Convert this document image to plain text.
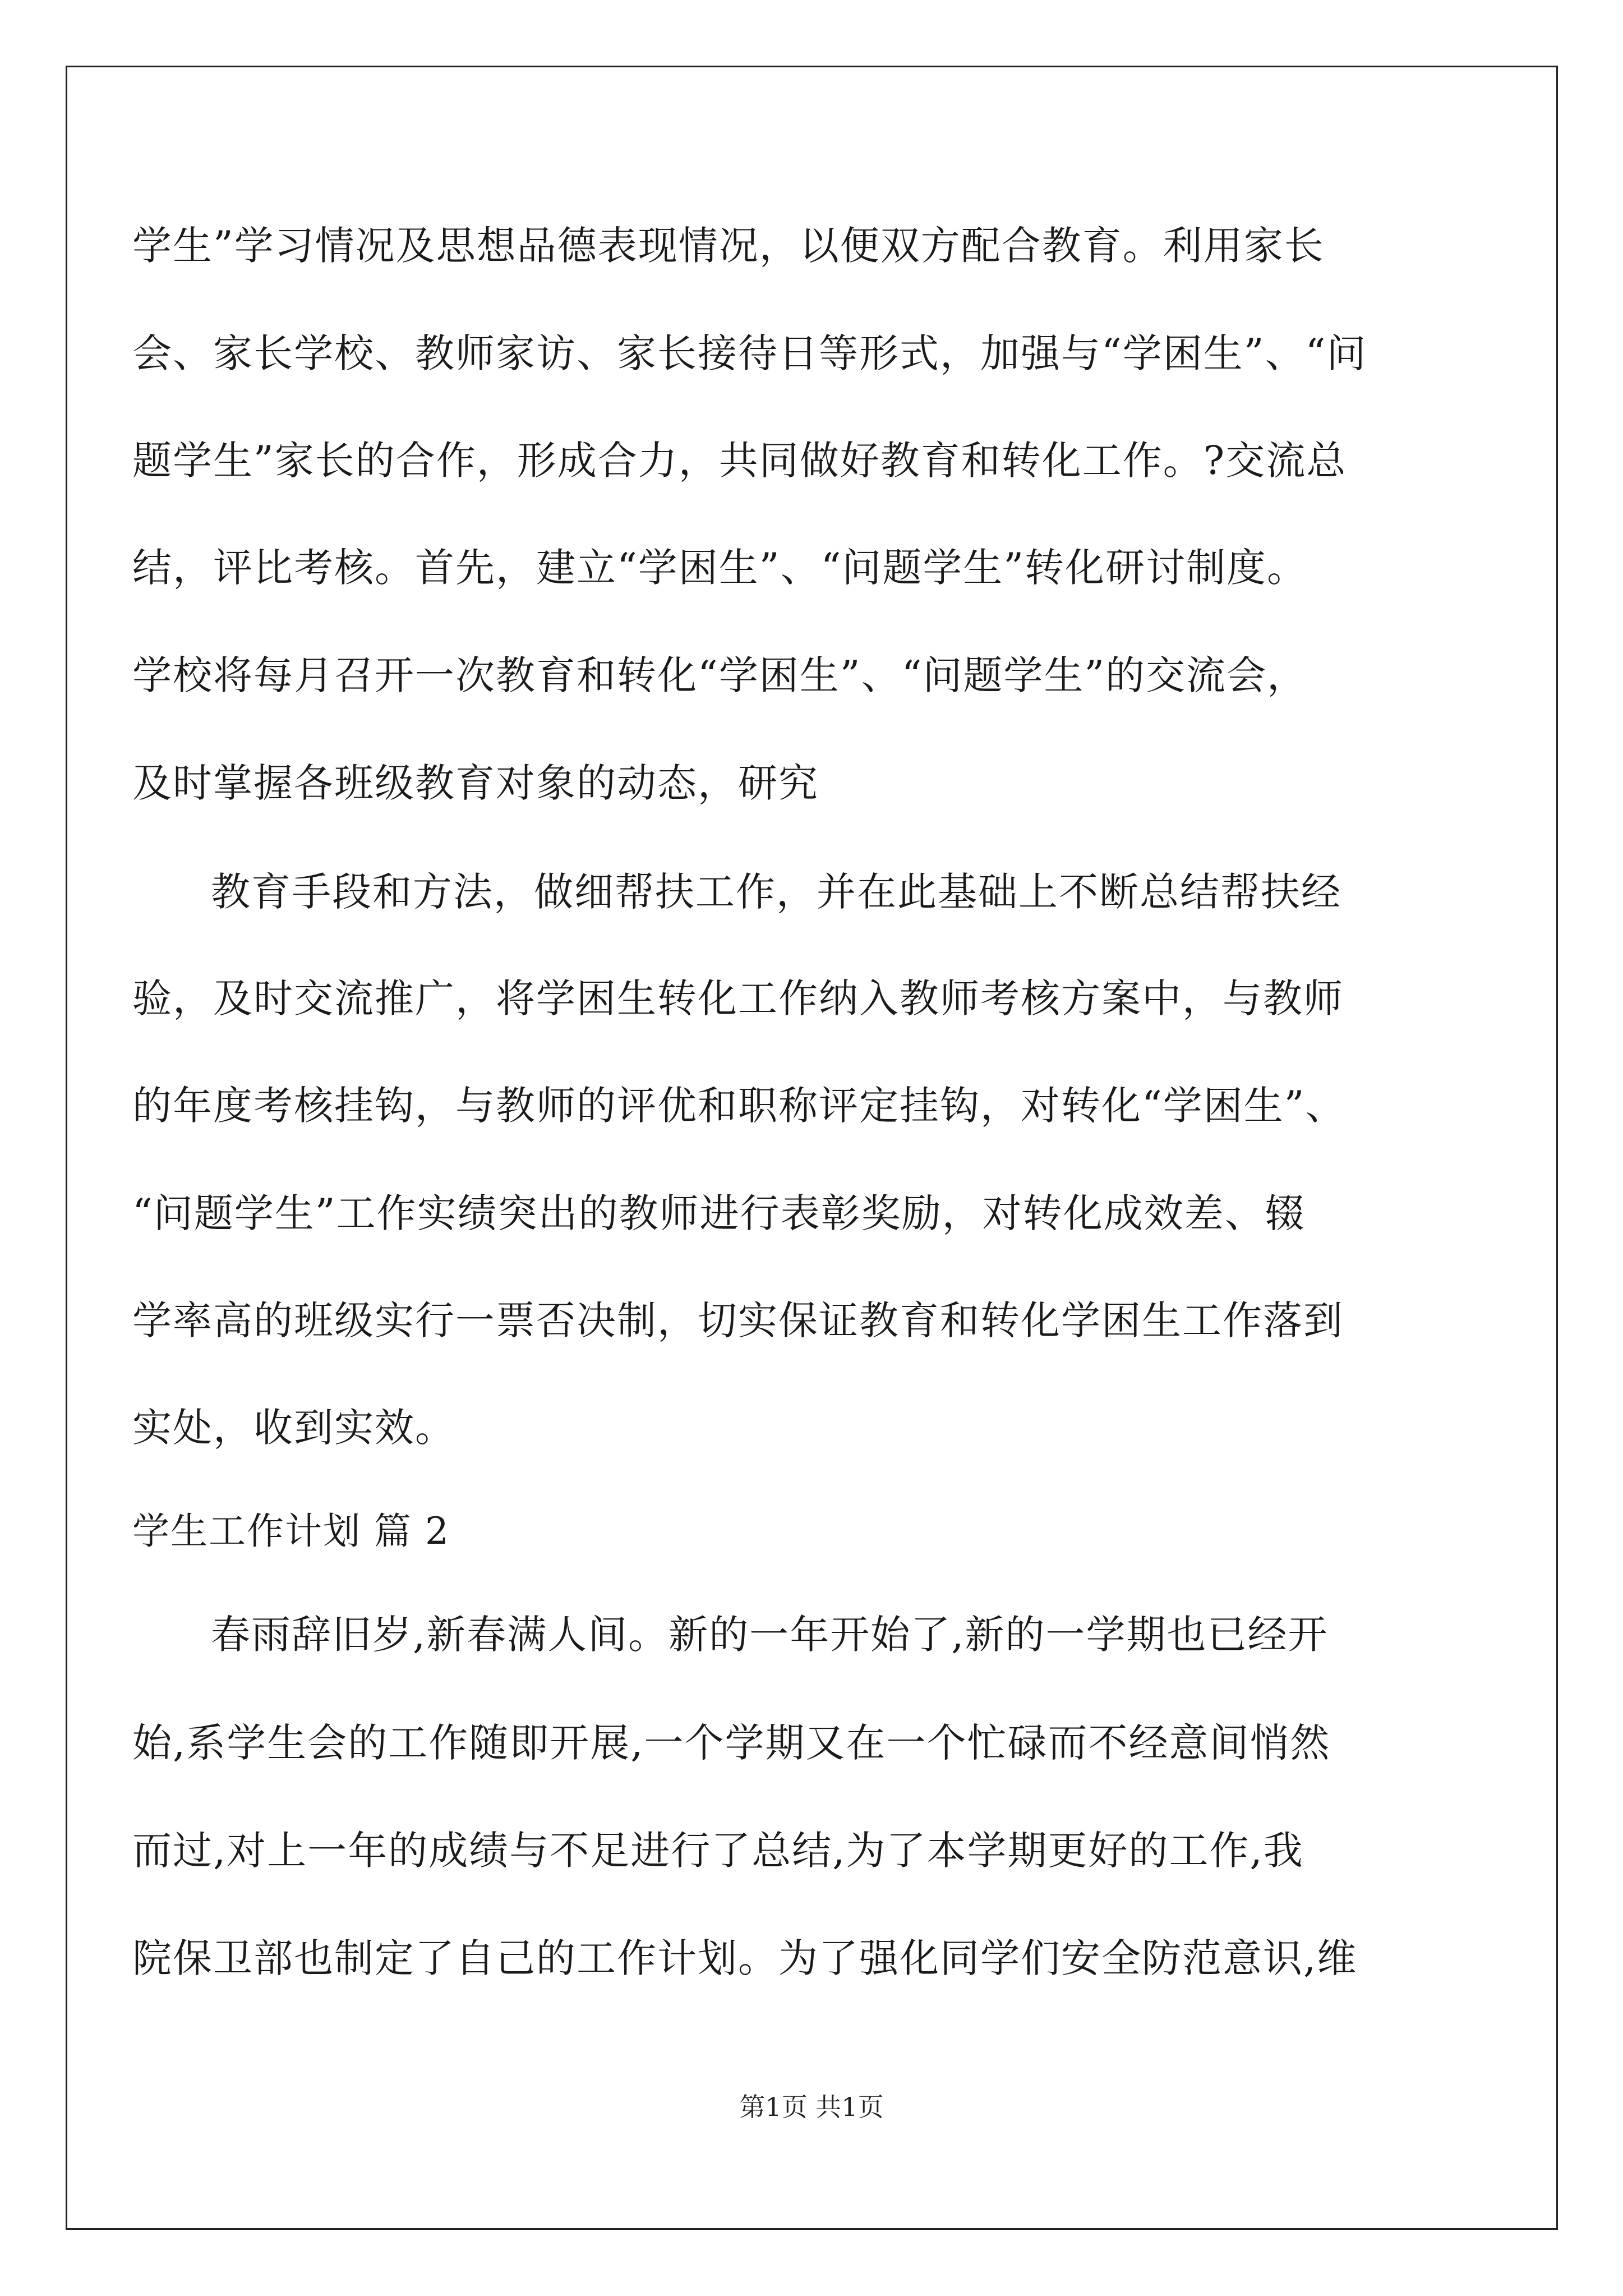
学生”学习情况及思想品德表现情况，以便双方配合教育。利用家长
会、家长学校、教师家访、家长接待日等形式，加强与“学困生”、“问
题学生”家长的合作，形成合力，共同做好教育和转化工作。?交流总
结，评比考核。首先，建立“学困生”、“问题学生”转化研讨制度。
学校将每月召开一次教育和转化“学困生”、“问题学生”的交流会，
及时掌握各班级教育对象的动态，研究
教育手段和方法，做细帮扶工作，并在此基础上不断总结帮扶经
验，及时交流推广，将学困生转化工作纳入教师考核方案中，与教师
的年度考核挂钩，与教师的评优和职称评定挂钩，对转化“学困生”、
“问题学生”工作实绩突出的教师进行表彰奖励，对转化成效差、辍
学率高的班级实行一票否决制，切实保证教育和转化学困生工作落到
实处，收到实效。
春雨辞旧岁,新春满人间。新的一年开始了,新的一学期也已经开
始,系学生会的工作随即开展,一个学期又在一个忙碌而不经意间悄然
而过,对上一年的成绩与不足进行了总结,为了本学期更好的工作,我
院保卫部也制定了自己的工作计划。为了强化同学们安全防范意识,维
学生工作计划 篇 2
第1页 共1页
